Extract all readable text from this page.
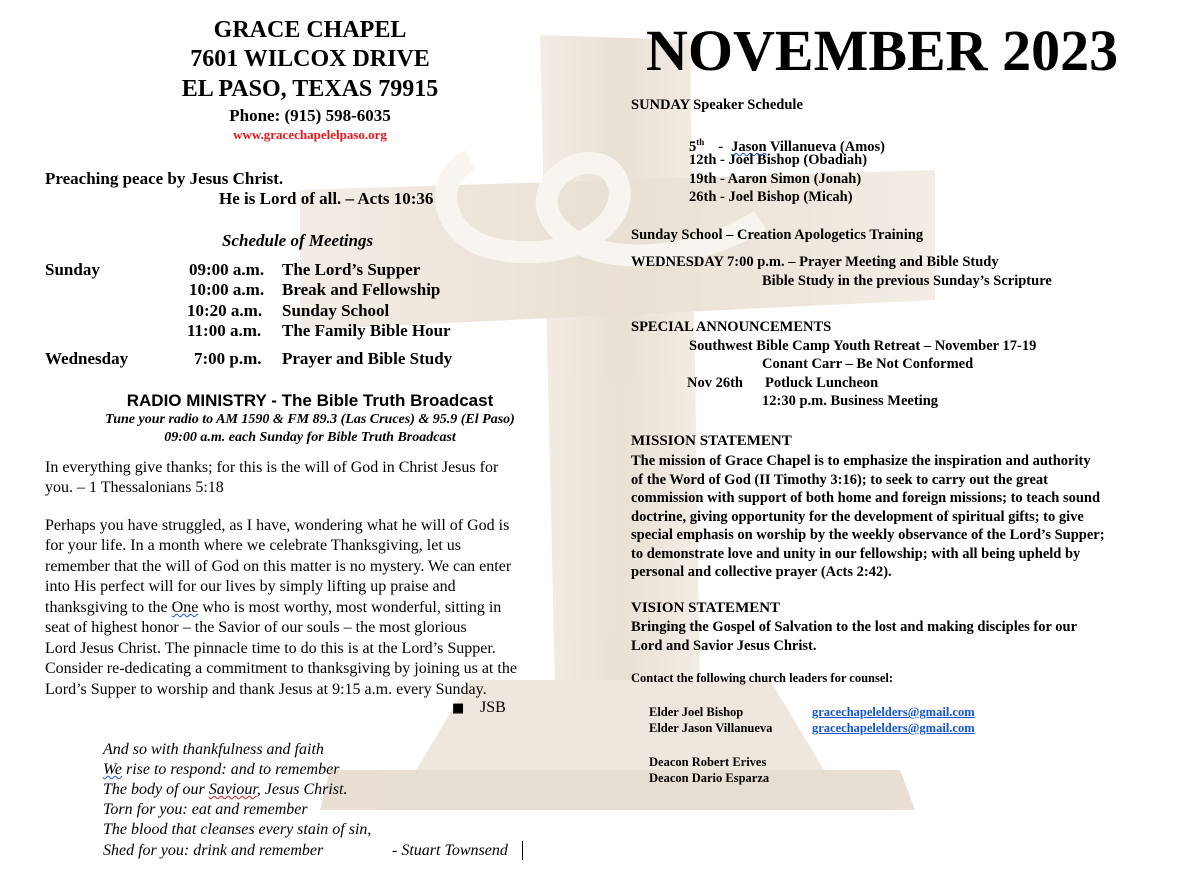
GRACE CHAPEL
7601 WILCOX DRIVE
EL PASO, TEXAS 79915
Phone: (915) 598-6035
www.gracechapelelpaso.org
Preaching peace by Jesus Christ.
He is Lord of all. – Acts 10:36
Schedule of Meetings
Sunday	09:00 a.m. The Lord’s Supper
10:00 a.m. Break and Fellowship
10:20 a.m. Sunday School
11:00 a.m. The Family Bible Hour
Wednesday	7:00 p.m. Prayer and Bible Study
RADIO MINISTRY - The Bible Truth Broadcast
Tune your radio to AM 1590 & FM 89.3 (Las Cruces) & 95.9 (El Paso)
09:00 a.m. each Sunday for Bible Truth Broadcast
In everything give thanks; for this is the will of God in Christ Jesus for
you. – 1 Thessalonians 5:18
Perhaps you have struggled, as I have, wondering what he will of God is
for your life. In a month where we celebrate Thanksgiving, let us
remember that the will of God on this matter is no mystery. We can enter
into His perfect will for our lives by simply lifting up praise and
thanksgiving to the One who is most worthy, most wonderful, sitting in
seat of highest honor – the Savior of our souls – the most glorious
Lord Jesus Christ. The pinnacle time to do this is at the Lord’s Supper.
Consider re-dedicating a commitment to thanksgiving by joining us at the
Lord’s Supper to worship and thank Jesus at 9:15 a.m. every Sunday.
■ JSB
And so with thankfulness and faith
We rise to respond: and to remember
The body of our Saviour, Jesus Christ.
Torn for you: eat and remember
The blood that cleanses every stain of sin,
Shed for you: drink and remember	- Stuart Townsend
NOVEMBER 2023
SUNDAY Speaker Schedule
5th - Jason Villanueva (Amos)
12th - Joel Bishop (Obadiah)
19th - Aaron Simon (Jonah)
26th - Joel Bishop (Micah)
Sunday School – Creation Apologetics Training
WEDNESDAY 7:00 p.m. – Prayer Meeting and Bible Study
Bible Study in the previous Sunday’s Scripture
SPECIAL ANNOUNCEMENTS
Southwest Bible Camp Youth Retreat – November 17-19
Conant Carr – Be Not Conformed
Nov 26th Potluck Luncheon
12:30 p.m. Business Meeting
MISSION STATEMENT
The mission of Grace Chapel is to emphasize the inspiration and authority
of the Word of God (II Timothy 3:16); to seek to carry out the great
commission with support of both home and foreign missions; to teach sound
doctrine, giving opportunity for the development of spiritual gifts; to give
special emphasis on worship by the weekly observance of the Lord’s Supper;
to demonstrate love and unity in our fellowship; with all being upheld by
personal and collective prayer (Acts 2:42).
VISION STATEMENT
Bringing the Gospel of Salvation to the lost and making disciples for our
Lord and Savior Jesus Christ.
Contact the following church leaders for counsel:
Elder Joel Bishop	gracechapelelders@gmail.com
Elder Jason Villanueva	gracechapelelders@gmail.com
Deacon Robert Erives
Deacon Dario Esparza
